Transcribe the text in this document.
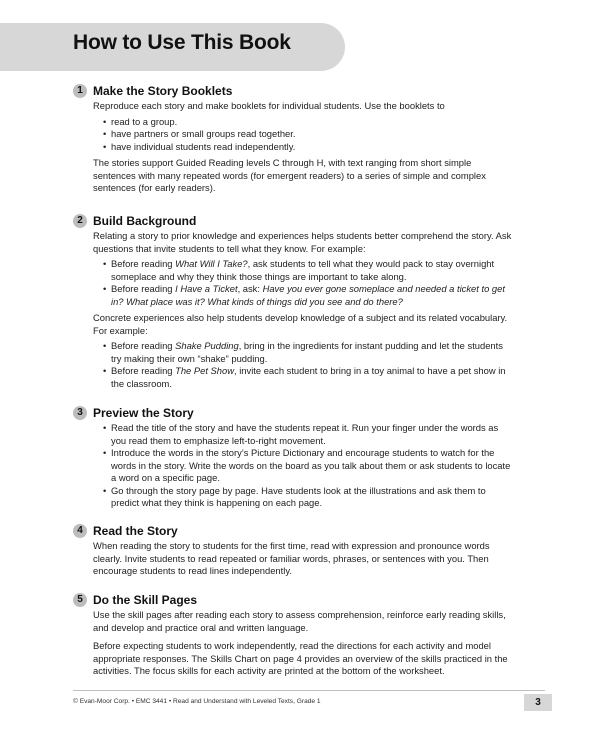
How to Use This Book
1 Make the Story Booklets

Reproduce each story and make booklets for individual students. Use the booklets to

• read to a group.
• have partners or small groups read together.
• have individual students read independently.

The stories support Guided Reading levels C through H, with text ranging from short simple sentences with many repeated words (for emergent readers) to a series of simple and complex sentences (for early readers).

2 Build Background

Relating a story to prior knowledge and experiences helps students better comprehend the story. Ask questions that invite students to tell what they know. For example:

• Before reading What Will I Take?, ask students to tell what they would pack to stay overnight someplace and why they think those things are important to take along.
• Before reading I Have a Ticket, ask: Have you ever gone someplace and needed a ticket to get in? What place was it? What kinds of things did you see and do there?

Concrete experiences also help students develop knowledge of a subject and its related vocabulary. For example:

• Before reading Shake Pudding, bring in the ingredients for instant pudding and let the students try making their own “shake” pudding.
• Before reading The Pet Show, invite each student to bring in a toy animal to have a pet show in the classroom.
3 Preview the Story
• Read the title of the story and have the students repeat it. Run your finger under the words as you read them to emphasize left-to-right movement.
• Introduce the words in the story’s Picture Dictionary and encourage students to watch for the words in the story. Write the words on the board as you talk about them or ask students to locate a word on a specific page.
• Go through the story page by page. Have students look at the illustrations and ask them to predict what they think is happening on each page.
4 Read the Story

When reading the story to students for the first time, read with expression and pronounce words clearly. Invite students to read repeated or familiar words, phrases, or sentences with you. Then encourage students to read lines independently.

5 Do the Skill Pages

Use the skill pages after reading each story to assess comprehension, reinforce early reading skills, and develop and practice oral and written language.

Before expecting students to work independently, read the directions for each activity and model appropriate responses. The Skills Chart on page 4 provides an overview of the skills practiced in the activities. The focus skills for each activity are printed at the bottom of the worksheet.

© Evan-Moor Corp. • EMC 3441 • Read and Understand with Leveled Texts, Grade 1	3
